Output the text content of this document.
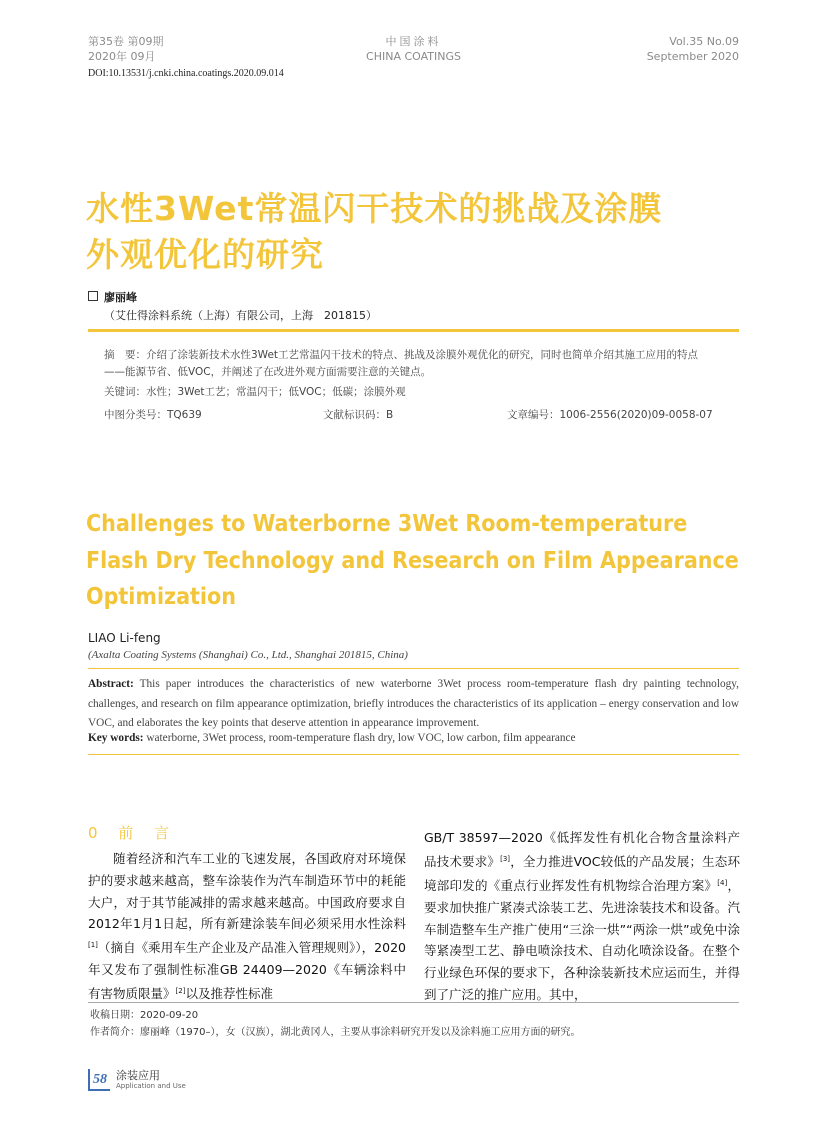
第35卷 第09期
2020年 09月
中国涂料
CHINA COATINGS
Vol.35 No.09
September 2020
DOI:10.13531/j.cnki.china.coatings.2020.09.014
水性3Wet常温闪干技术的挑战及涂膜
外观优化的研究
廖丽峰
（艾仕得涂料系统（上海）有限公司，上海　201815）
摘　要：介绍了涂装新技术水性3Wet工艺常温闪干技术的特点、挑战及涂膜外观优化的研究，同时也简单介绍其施工应用的特点——能源节省、低VOC，并阐述了在改进外观方面需要注意的关键点。
关键词：水性；3Wet工艺；常温闪干；低VOC；低碳；涂膜外观
中图分类号：TQ639	文献标识码：B	文章编号：1006-2556(2020)09-0058-07
Challenges to Waterborne 3Wet Room-temperature
Flash Dry Technology and Research on Film Appearance
Optimization
LIAO Li-feng
(Axalta Coating Systems (Shanghai) Co., Ltd., Shanghai 201815, China)
Abstract: This paper introduces the characteristics of new waterborne 3Wet process room-temperature flash dry painting technology, challenges, and research on film appearance optimization, briefly introduces the characteristics of its application – energy conservation and low VOC, and elaborates the key points that deserve attention in appearance improvement.
Key words: waterborne, 3Wet process, room-temperature flash dry, low VOC, low carbon, film appearance
0 前 言
随着经济和汽车工业的飞速发展，各国政府对环境保护的要求越来越高，整车涂装作为汽车制造环节中的耗能大户，对于其节能减排的需求越来越高。中国政府要求自2012年1月1日起，所有新建涂装车间必须采用水性涂料[1]（摘自《乘用车生产企业及产品准入管理规则》），2020年又发布了强制性标准GB 24409—2020《车辆涂料中有害物质限量》[2]以及推荐性标准
GB/T 38597—2020《低挥发性有机化合物含量涂料产品技术要求》[3]，全力推进VOC较低的产品发展；生态环境部印发的《重点行业挥发性有机物综合治理方案》[4]，要求加快推广紧凑式涂装工艺、先进涂装技术和设备。汽车制造整车生产推广使用“三涂一烘”“两涂一烘”或免中涂等紧凑型工艺、静电喷涂技术、自动化喷涂设备。在整个行业绿色环保的要求下，各种涂装新技术应运而生，并得到了广泛的推广应用。其中，
收稿日期：2020-09-20
作者简介：廖丽峰（1970–），女（汉族），湖北黄冈人，主要从事涂料研究开发以及涂料施工应用方面的研究。
58 涂装应用
Application and Use
